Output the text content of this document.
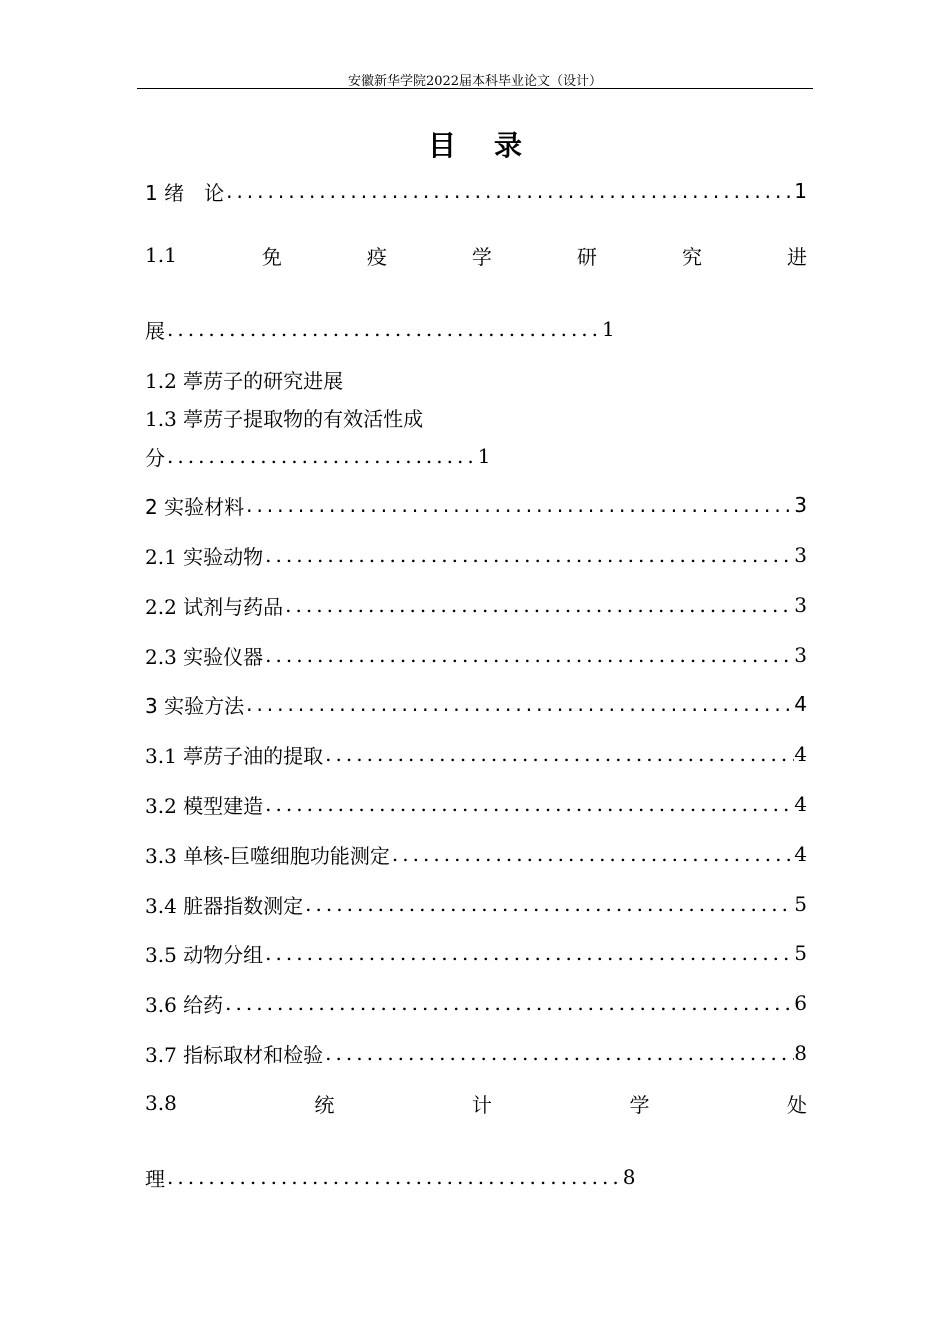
安徽新华学院2022届本科毕业论文（设计）
目录
1 绪　论 .....	1
1.1	免	疫	学	研	究	进
展 .......................................... 1
1.2 葶苈子的研究进展
1.3 葶苈子提取物的有效活性成
分 .............................. 1
2 实验材料 .....	3
2.1 实验动物 .....	3
2.2 试剂与药品 .....	3
2.3 实验仪器 .....	3
3 实验方法 .....	4
3.1 葶苈子油的提取 .....	4
3.2 模型建造 .....	4
3.3 单核-巨噬细胞功能测定 .....	4
3.4 脏器指数测定 .....	5
3.5 动物分组 .....	5
3.6 给药 .....	6
3.7 指标取材和检验 .....	8
3.8	统	计	学	处
理 ............................................ 8
